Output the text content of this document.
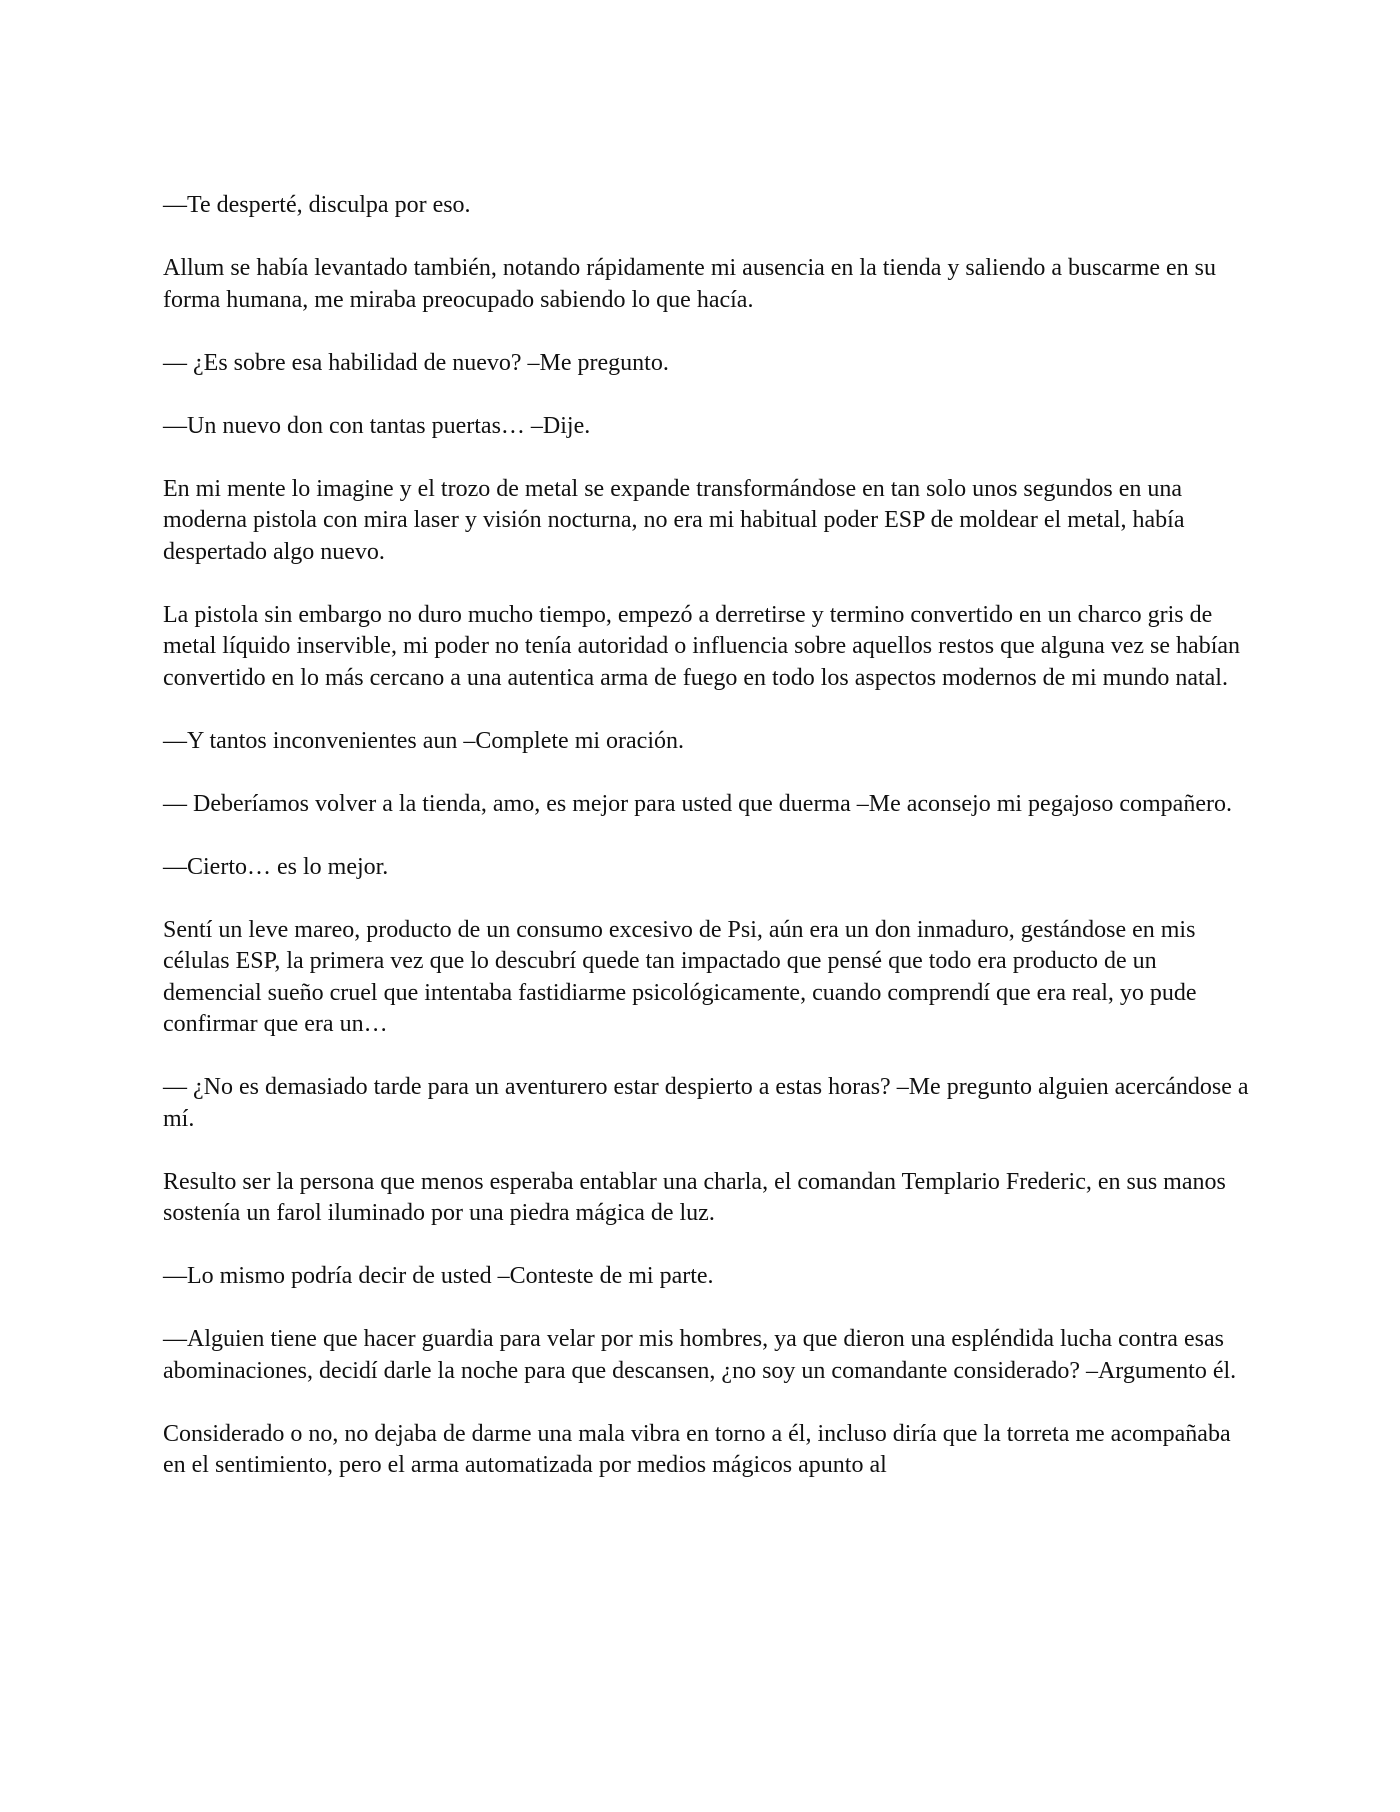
—Te desperté, disculpa por eso.

Allum se había levantado también, notando rápidamente mi ausencia en la tienda y saliendo a buscarme en su forma humana, me miraba preocupado sabiendo lo que hacía.

— ¿Es sobre esa habilidad de nuevo? –Me pregunto.

—Un nuevo don con tantas puertas… –Dije.

En mi mente lo imagine y el trozo de metal se expande transformándose en tan solo unos segundos en una moderna pistola con mira laser y visión nocturna, no era mi habitual poder ESP de moldear el metal, había despertado algo nuevo.

La pistola sin embargo no duro mucho tiempo, empezó a derretirse y termino convertido en un charco gris de metal líquido inservible, mi poder no tenía autoridad o influencia sobre aquellos restos que alguna vez se habían convertido en lo más cercano a una autentica arma de fuego en todo los aspectos modernos de mi mundo natal.

—Y tantos inconvenientes aun –Complete mi oración.

— Deberíamos volver a la tienda, amo, es mejor para usted que duerma –Me aconsejo mi pegajoso compañero.

—Cierto… es lo mejor.

Sentí un leve mareo, producto de un consumo excesivo de Psi, aún era un don inmaduro, gestándose en mis células ESP, la primera vez que lo descubrí quede tan impactado que pensé que todo era producto de un demencial sueño cruel que intentaba fastidiarme psicológicamente, cuando comprendí que era real, yo pude confirmar que era un…

— ¿No es demasiado tarde para un aventurero estar despierto a estas horas? –Me pregunto alguien acercándose a mí.

Resulto ser la persona que menos esperaba entablar una charla, el comandan Templario Frederic, en sus manos sostenía un farol iluminado por una piedra mágica de luz.

—Lo mismo podría decir de usted –Conteste de mi parte.

—Alguien tiene que hacer guardia para velar por mis hombres, ya que dieron una espléndida lucha contra esas abominaciones, decidí darle la noche para que descansen, ¿no soy un comandante considerado? –Argumento él.

Considerado o no, no dejaba de darme una mala vibra en torno a él, incluso diría que la torreta me acompañaba en el sentimiento, pero el arma automatizada por medios mágicos apunto al
